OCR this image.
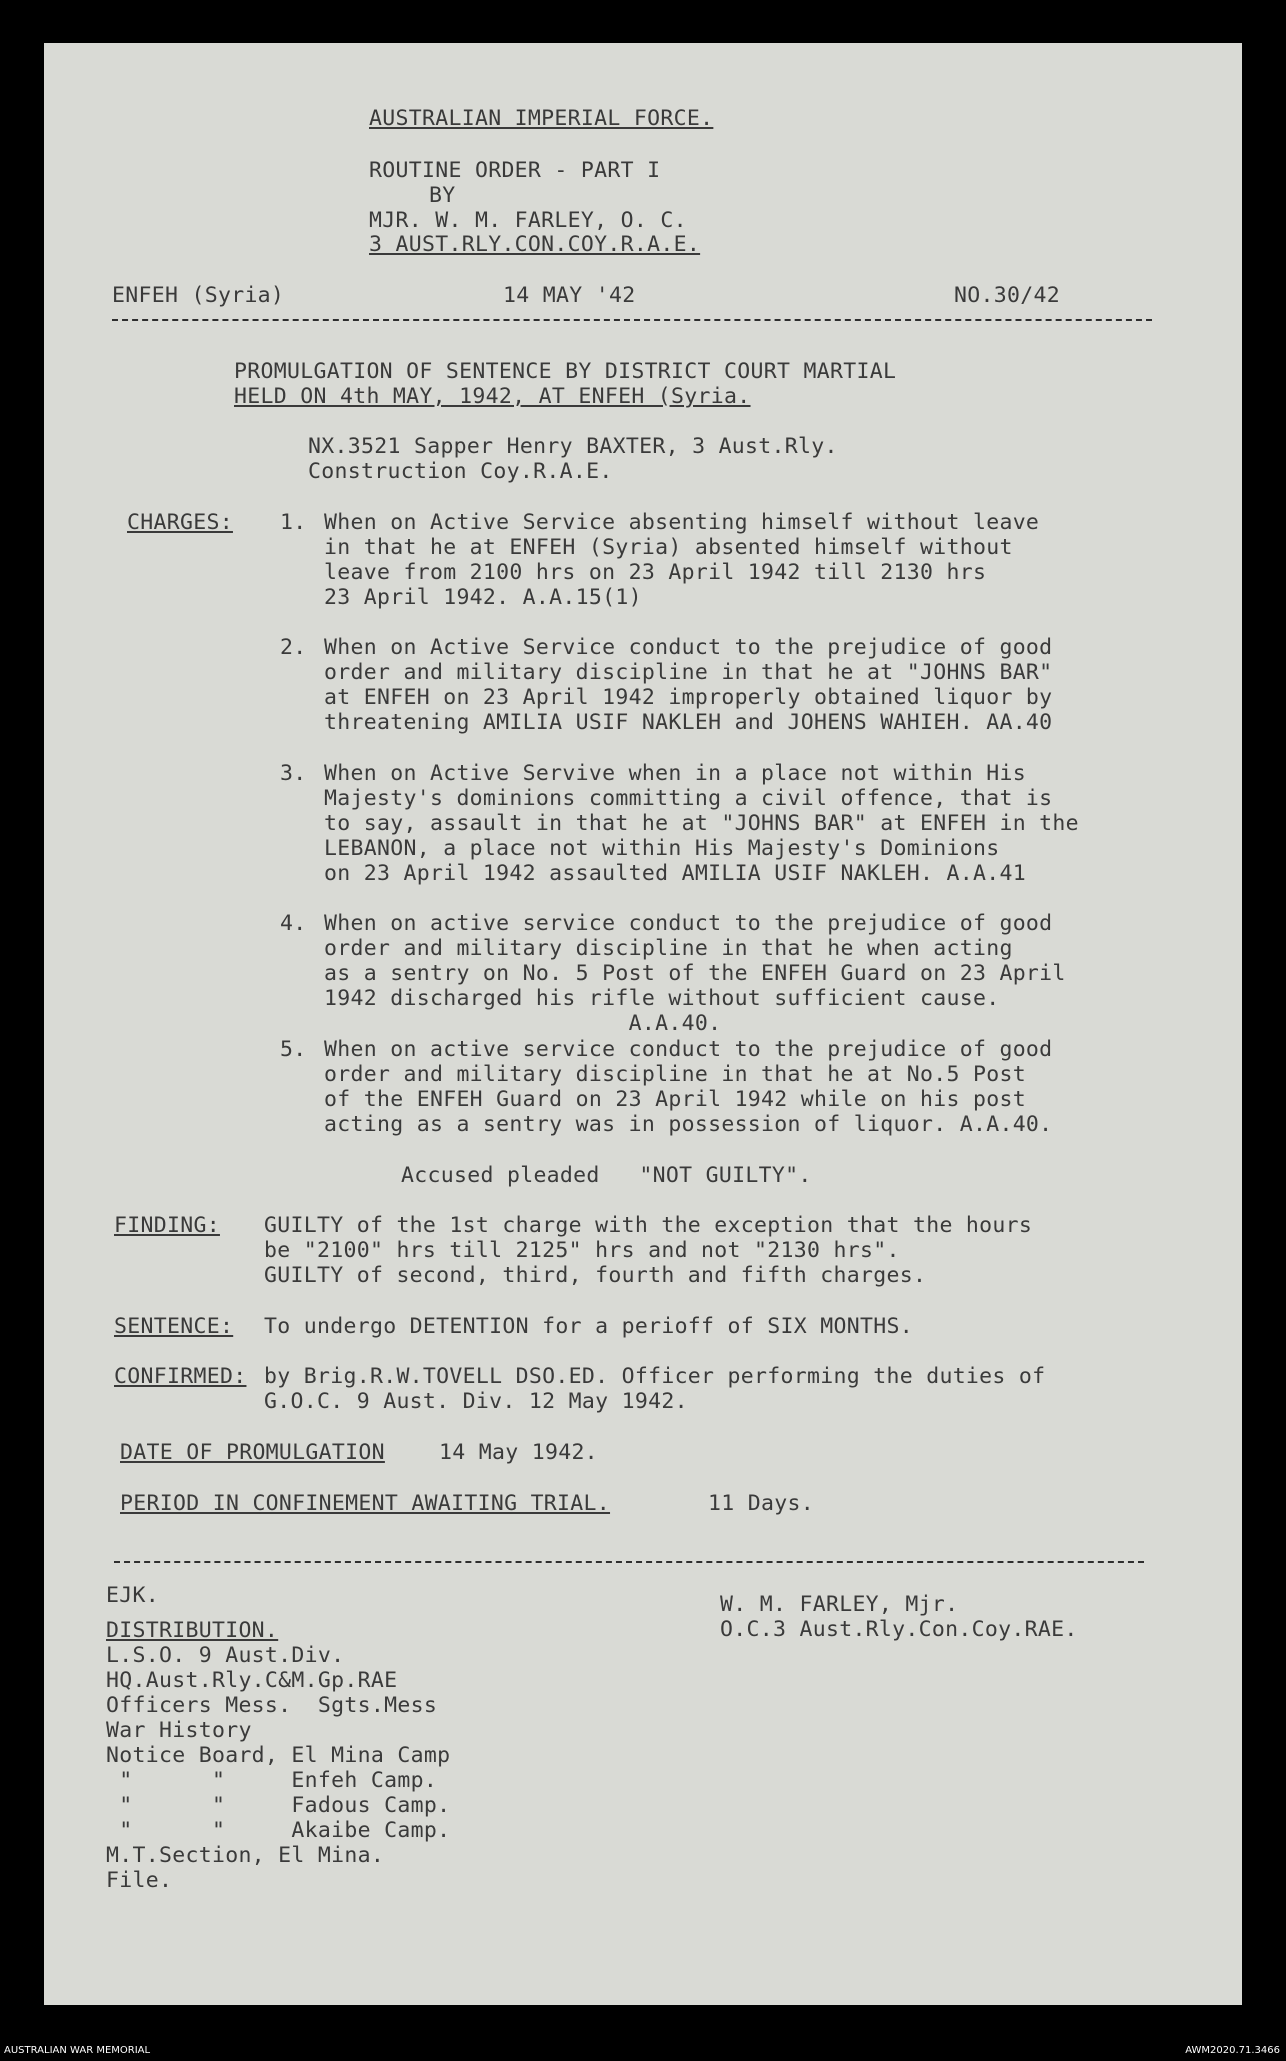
AUSTRALIAN IMPERIAL FORCE.
ROUTINE ORDER - PART I
BY
MJR. W. M. FARLEY, O. C.
3 AUST.RLY.CON.COY.R.A.E.
ENFEH (Syria)	14 MAY '42	NO.30/42
PROMULGATION OF SENTENCE BY DISTRICT COURT MARTIAL
HELD ON 4th MAY, 1942, AT ENFEH (Syria.
NX.3521 Sapper Henry BAXTER, 3 Aust.Rly.
Construction Coy.R.A.E.
CHARGES: 1. When on Active Service absenting himself without leave
in that he at ENFEH (Syria) absented himself without
leave from 2100 hrs on 23 April 1942 till 2130 hrs
23 April 1942. A.A.15(1)
2. When on Active Service conduct to the prejudice of good
order and military discipline in that he at "JOHNS BAR"
at ENFEH on 23 April 1942 improperly obtained liquor by
threatening AMILIA USIF NAKLEH and JOHENS WAHIEH. AA.40
3. When on Active Servive when in a place not within His
Majesty's dominions committing a civil offence, that is
to say, assault in that he at "JOHNS BAR" at ENFEH in the
LEBANON, a place not within His Majesty's Dominions
on 23 April 1942 assaulted AMILIA USIF NAKLEH. A.A.41
4. When on active service conduct to the prejudice of good
order and military discipline in that he when acting
as a sentry on No. 5 Post of the ENFEH Guard on 23 April
1942 discharged his rifle without sufficient cause.
A.A.40.
5. When on active service conduct to the prejudice of good
order and military discipline in that he at No.5 Post
of the ENFEH Guard on 23 April 1942 while on his post
acting as a sentry was in possession of liquor. A.A.40.
Accused pleaded   "NOT GUILTY".
FINDING: GUILTY of the 1st charge with the exception that the hours
be "2100" hrs till 2125" hrs and not "2130 hrs".
GUILTY of second, third, fourth and fifth charges.
SENTENCE: To undergo DETENTION for a perioff of SIX MONTHS.
CONFIRMED: by Brig.R.W.TOVELL DSO.ED. Officer performing the duties of
G.O.C. 9 Aust. Div. 12 May 1942.
DATE OF PROMULGATION	14 May 1942.
PERIOD IN CONFINEMENT AWAITING TRIAL.	11 Days.
EJK.	W. M. FARLEY, Mjr.
O.C.3 Aust.Rly.Con.Coy.RAE.
DISTRIBUTION.
L.S.O. 9 Aust.Div.
HQ.Aust.Rly.C&M.Gp.RAE
Officers Mess.  Sgts.Mess
War History
Notice Board, El Mina Camp
"      "     Enfeh Camp.
"      "     Fadous Camp.
"      "     Akaibe Camp.
M.T.Section, El Mina.
File.
AUSTRALIAN WAR MEMORIAL	AWM2020.71.3466
